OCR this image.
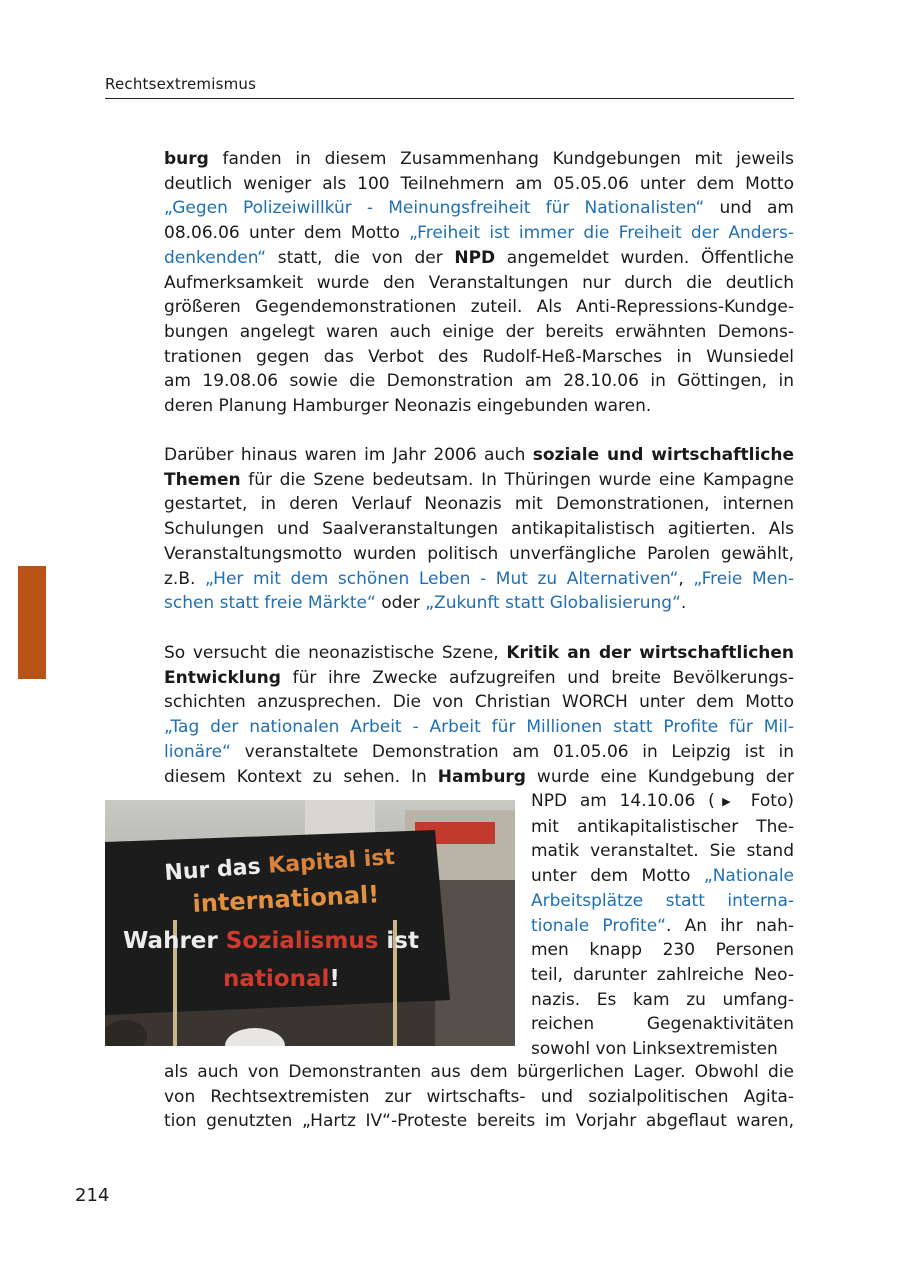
Rechtsextremismus
burg fanden in diesem Zusammenhang Kundgebungen mit jeweils
deutlich weniger als 100 Teilnehmern am 05.05.06 unter dem Motto
„Gegen Polizeiwillkür - Meinungsfreiheit für Nationalisten“ und am
08.06.06 unter dem Motto „Freiheit ist immer die Freiheit der Anders-
denkenden“ statt, die von der NPD angemeldet wurden. Öffentliche
Aufmerksamkeit wurde den Veranstaltungen nur durch die deutlich
größeren Gegendemonstrationen zuteil. Als Anti-Repressions-Kundge-
bungen angelegt waren auch einige der bereits erwähnten Demons-
trationen gegen das Verbot des Rudolf-Heß-Marsches in Wunsiedel
am 19.08.06 sowie die Demonstration am 28.10.06 in Göttingen, in
deren Planung Hamburger Neonazis eingebunden waren.
Darüber hinaus waren im Jahr 2006 auch soziale und wirtschaftliche
Themen für die Szene bedeutsam. In Thüringen wurde eine Kampagne
gestartet, in deren Verlauf Neonazis mit Demonstrationen, internen
Schulungen und Saalveranstaltungen antikapitalistisch agitierten. Als
Veranstaltungsmotto wurden politisch unverfängliche Parolen gewählt,
z.B. „Her mit dem schönen Leben - Mut zu Alternativen“, „Freie Men-
schen statt freie Märkte“ oder „Zukunft statt Globalisierung“.
So versucht die neonazistische Szene, Kritik an der wirtschaftlichen
Entwicklung für ihre Zwecke aufzugreifen und breite Bevölkerungs-
schichten anzusprechen. Die von Christian WORCH unter dem Motto
„Tag der nationalen Arbeit - Arbeit für Millionen statt Profite für Mil-
lionäre“ veranstaltete Demonstration am 01.05.06 in Leipzig ist in
diesem Kontext zu sehen. In Hamburg wurde eine Kundgebung der
NPD am 14.10.06 (▶ Foto)
mit antikapitalistischer The-
matik veranstaltet. Sie stand
unter dem Motto „Nationale
Arbeitsplätze statt interna-
tionale Profite“. An ihr nah-
men knapp 230 Personen
teil, darunter zahlreiche Neo-
nazis. Es kam zu umfang-
reichen Gegenaktivitäten
sowohl von Linksextremisten
Nur das Kapital ist
international!
Wahrer Sozialismus ist
national!
als auch von Demonstranten aus dem bürgerlichen Lager. Obwohl die
von Rechtsextremisten zur wirtschafts- und sozialpolitischen Agita-
tion genutzten „Hartz IV“-Proteste bereits im Vorjahr abgeflaut waren,
214
